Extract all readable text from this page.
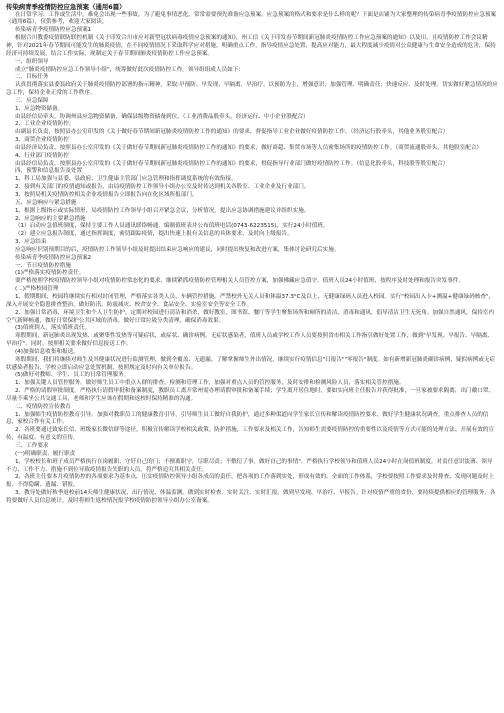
传染病青季疫情防控应急预案（通用6篇）

在日常学习、工作或生活中，难免会出现一些事故，为了避免事情恶化，常常需要预先准备应急预案。应急预案的格式和要求是什么样的呢？下面是店铺为大家整理的传染病青季疫情防控应急预案（通用6篇），仅供参考，欢迎大家阅读。

传染病青季疫情防控应急预案1

根据合川教委疫情联防联控机制《关于印发合川市应对新型冠状病毒疫情应急预案的通知》，州工信《关于印发春节期间新冠肺炎疫情防控工作应急预案的通知》以及川、且疫情防控工作会议精神，针对2021年春节期间可能发生的肺炎疫情，在不同疫情情况下采取科学应对措施，明确重点工作，指导疫情应急处置，提高应对能力，最大程度减少疫情对公众健康与生命安全造成的危害，保持经济可持续发展，结合工作实际，现制定关于春节期间肺炎疫情防控工作应急预案。

一、组织领导

成立"肺炎疫情防控应急工作领导小组"，统筹做好此次疫情防控工作。领导组组成人员如下：

二、目标任务

认真贯彻落实县委县政府关于肺炎疫情防控部署的指示精神，采取:早预防、早发现、早隔离、早治疗。以预防为主，增强意识；加强管理、明确责任；快速反应，及时处理。切实做好紧急情况的应急工作，保持企业正常的工作秩序。

三、应急保障

1、应急物资储备。

由县经信局牵头，协调州县应急物资储备，确保县级物资储备到位。（工业消费品股牵头，经济运行、中小企业股配合）

2、工业企业疫情防控。

由副县长负责，按照县办公室印发的《关于做好春节期间新冠肺炎疫情防控工作的通知》的要求，督促指导工业企业做好疫情防控工作。（经济运行股牵头，其他业务股室配合）

3、商贸企业疫情防控

由县经济局负责，按照县办公室印发的《关于做好春节期间新冠肺炎疫情防控工作的通知》的要求，做好商超、集贸市场等人员密集场所的疫情防控工作。（商贸流通股牵头，其他股室配合）

4、行业部门疫情防控

由县经信局负责，按照县办公室印发的《关于做好春节期间新冠肺炎疫情防控工作的通知》的要求，督促指导行业部门做好疫情防控工作。（信息化股牵头，科技股等股室配合）

四、预警和信息报告及处置

1、科工局加强与县委、县政府、卫生健康主管部门应急管理和指挥调度系统的有效衔接。

2、接到有关部门的疫情通知或报告，由局疫情防控工作领导小组办公室及时传达到机关各股室、工业企业及行业部门。

3、按照局机关疫情防控相关企业疫情报告立即报告向在化区域所报部门。

五、应急响应与紧急措施

1、根据上级指示或实际情形，局疫情防控工作领导小组召开紧急会议，分析情况，提出应急协调措施建议并组织实施。

2、应急响应的主要紧急措施

（1）启动应急值班制度，保持主要工作人员通讯联络畅通，编制值班表并公布值班电话(0743-6223515)，实行24小时值班。

（2）建立应急报告制度，通过指挥调度，密切跟踪疫情，提出快速上报有关信息的具体要求，及时向上级报告。

3、应急结束

应急响应识别预期目的后，疫情防控工作领导小组及时提出结束应急响应的建议，同时提出恢复和改进方案，集体讨论研究后实施。

传染病青季疫情防控应急预案2

一、节日疫情防控措施

(1)严格落实疫情防控责任。

要严格按照学校疫情防控领导小组对疫情防控常态化的要求，继续紧抓疫情防控管理相关人员管控方案，加强佛藏应急值守。值班人员24小时值班，按程序及时处理和报告突发事件。

(二)严格校园管理

1、假期期间，校园将继续实行相对封闭管理，严格落实各类人员、车辆管控措施。严禁校外无关人员和体温37.3°C及以上、无健康绿码人员进入校园。实行"校园出入卡+测温+健康绿码核查"，深入开展安全隐患排查整治，做好防汛、防震减灾、校舍安全、食品安全、实验室安全等安全工作。

2、加强日常消毒、环境卫生和个人卫生防护。定期对校园进行清洁和消杀，做好教室、图书馆、餐厅等学生聚集场所和厕所的清洁、消毒和通风，倡导清洁卫生无死角。加强自然通风，保持室内空气新鲜畅通，做好日常保护公共区域的消毒。做好日常垃圾分类清理，确保消毒效果。

(3)值班到人，落实值班责任。

寒假期间，新冠肺炎出现发热、或聚集性发热等可疑症状，或症状、确诊病例。无症状感染者，值班人员或学校工作人员要按照省市相关工作指引做好处置工作，做到"早发现、早报告、早隔离、早治疗"。同时，按照相关要求做好信息报送工作。

(4)加强信息收集和报送。

寒假期间，我们将继续对师生及其健康状况进行监测管理，做到全覆盖、无遗漏。了解掌握师生外出情况，继续实行疫情信息"日报告""零报告"制度。如有新增新冠肺炎确诊病例、疑似病例或无症状感染者报告，学校立即启动应急处置机制，按照规定及时向有关单位报告。

(5)做好对教师、学生、员工的日常管理服务。

1、加强关键人员管控服务。做好师生员工中重点人群的排查，检测和管理工作，加强对重点人员的管控服务，及时安排和检测风险人员，落实相关管控措施。

2、严格的请假审批制度。严格执行请假审批和备案制度，教职员工离开常州需办理请假审批和备案手续；学生离开居住地时，要如实向班主任报告并获得批准，一旦家被要求隔离，出门戴口罩、尽量不乘坐公共交通工具，老师和学生应该在假期和返校时保持精准的沟通。

二、疫情防控宣传教育

1、加强师生疫情防控教育引导。加强对教职员工的健康教育引导，引导师生员工做好自我防护，通过多种渠道向学生家长宣传和解读疫情防控要求，做好学生健康状况调查，重点排查人员的信息，家校合作有关工作。

2、各班要通过致家长信、班级家长微信群等途径，积极宣传解读学校相关政策。防护措施，工作要求及相关工作，告知师生需要疫情防控的重要性以及疫情等方式可能的处理方法、开展有效的宣传，有温度、有意义的宣传。

三、工作要求

(一)明确职责、履行职责

1、学校校长和班子成员严格执行在岗履职、守好自己的门；不擅离职守，尽职尽责；不敷衍了事，做好自己的事情"。严格执行学校领导和值班人员24小时在岗值班制度。对责任意识淡薄、领导不力、工作不力、措施不到位导致疫情报告失职的人员，将严格追究其相关责任。

2、各班主任要本月疫情防控的各项要求为基本点，压实疫情防控领导小组各成员的责任，把各项的工作落到实处，形成有效的、全面的工作体系，学校要按照工作要求及时排查、发现问题及时上报、不得隐瞒、遗漏、错报。

3、教导处做好秋季返校前14天师生健康状况、出行情况、体温监测。做到实时检查、实时关注、实时汇报，做到早发现、早治疗、早报告。针对疫情严重的省份、要持续提供相应的管理服务，各将要做好人员信息统计，及时将师生返校情况报学校疫情防控领导小组办公室备案。
